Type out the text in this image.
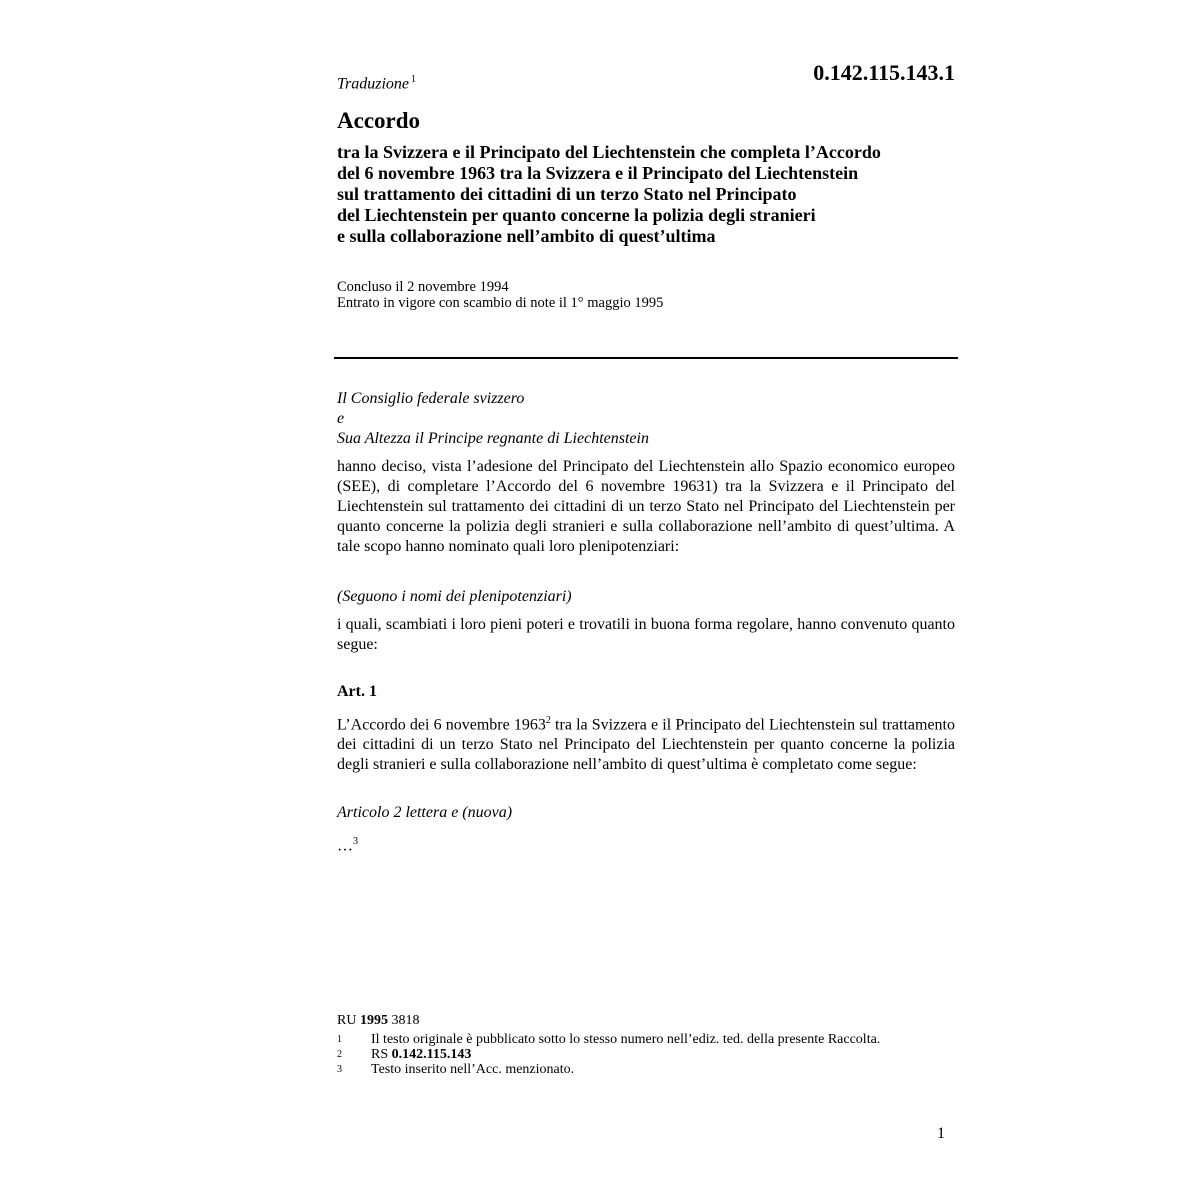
0.142.115.143.1
Traduzione $^1$
Accordo
tra la Svizzera e il Principato del Liechtenstein che completa l’Accordo
del 6 novembre 1963 tra la Svizzera e il Principato del Liechtenstein
sul trattamento dei cittadini di un terzo Stato nel Principato
del Liechtenstein per quanto concerne la polizia degli stranieri
e sulla collaborazione nell’ambito di quest’ultima
Concluso il 2 novembre 1994
Entrato in vigore con scambio di note il 1° maggio 1995
Il Consiglio federale svizzero
e
Sua Altezza il Principe regnante di Liechtenstein
hanno deciso, vista l’adesione del Principato del Liechtenstein allo Spazio economico europeo (SEE), di completare l’Accordo del 6 novembre 19631) tra la Svizzera e il Principato del Liechtenstein sul trattamento dei cittadini di un terzo Stato nel Principato del Liechtenstein per quanto concerne la polizia degli stranieri e sulla collaborazione nell’ambito di quest’ultima. A tale scopo hanno nominato quali loro plenipotenziari:
(Seguono i nomi dei plenipotenziari)
i quali, scambiati i loro pieni poteri e trovatili in buona forma regolare, hanno convenuto quanto segue:
Art. 1
L’Accordo dei 6 novembre 1963$^2$ tra la Svizzera e il Principato del Liechtenstein sul trattamento dei cittadini di un terzo Stato nel Principato del Liechtenstein per quanto concerne la polizia degli stranieri e sulla collaborazione nell’ambito di quest’ultima è completato come segue:
Articolo 2 lettera e (nuova)
…$^3$
RU 1995 3818
1	Il testo originale è pubblicato sotto lo stesso numero nell’ediz. ted. della presente Raccolta.
2	RS 0.142.115.143
3	Testo inserito nell’Acc. menzionato.
1
